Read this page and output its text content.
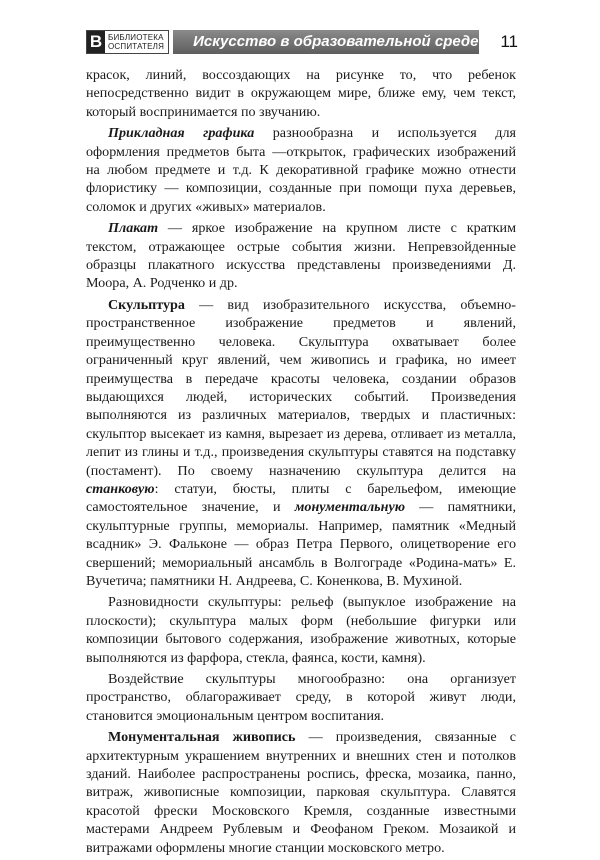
В БИБЛИОТЕКА
ОСПИТАТЕЛЯ	Искусство в образовательной среде	11

красок, линий, воссоздающих на рисунке то, что ребенок непосредственно видит в окружающем мире, ближе ему, чем текст, который воспринимается по звучанию.

Прикладная графика разнообразна и используется для оформления предметов быта —открыток, графических изображений на любом предмете и т.д. К декоративной графике можно отнести флористику — композиции, созданные при помощи пуха деревьев, соломок и других «живых» материалов.

Плакат — яркое изображение на крупном листе с кратким текстом, отражающее острые события жизни. Непревзойденные образцы плакатного искусства представлены произведениями Д. Моора, А. Родченко и др.

Скульптура — вид изобразительного искусства, объемно-пространственное изображение предметов и явлений, преимущественно человека. Скульптура охватывает более ограниченный круг явлений, чем живопись и графика, но имеет преимущества в передаче красоты человека, создании образов выдающихся людей, исторических событий. Произведения выполняются из различных материалов, твердых и пластичных: скульптор высекает из камня, вырезает из дерева, отливает из металла, лепит из глины и т.д., произведения скульптуры ставятся на подставку (постамент). По своему назначению скульптура делится на станковую: статуи, бюсты, плиты с барельефом, имеющие самостоятельное значение, и монументальную — памятники, скульптурные группы, мемориалы. Например, памятник «Медный всадник» Э. Фальконе — образ Петра Первого, олицетворение его свершений; мемориальный ансамбль в Волгограде «Родина-мать» Е. Вучетича; памятники Н. Андреева, С. Коненкова, В. Мухиной.

Разновидности скульптуры: рельеф (выпуклое изображение на плоскости); скульптура малых форм (небольшие фигурки или композиции бытового содержания, изображение животных, которые выполняются из фарфора, стекла, фаянса, кости, камня).

Воздействие скульптуры многообразно: она организует пространство, облагораживает среду, в которой живут люди, становится эмоциональным центром воспитания.

Монументальная живопись — произведения, связанные с архитектурным украшением внутренних и внешних стен и потолков зданий. Наиболее распространены роспись, фреска, мозаика, панно, витраж, живописные композиции, парковая скульптура. Славятся красотой фрески Московского Кремля, созданные известными мастерами Андреем Рублевым и Феофаном Греком. Мозаикой и витражами оформлены многие станции московского метро.
